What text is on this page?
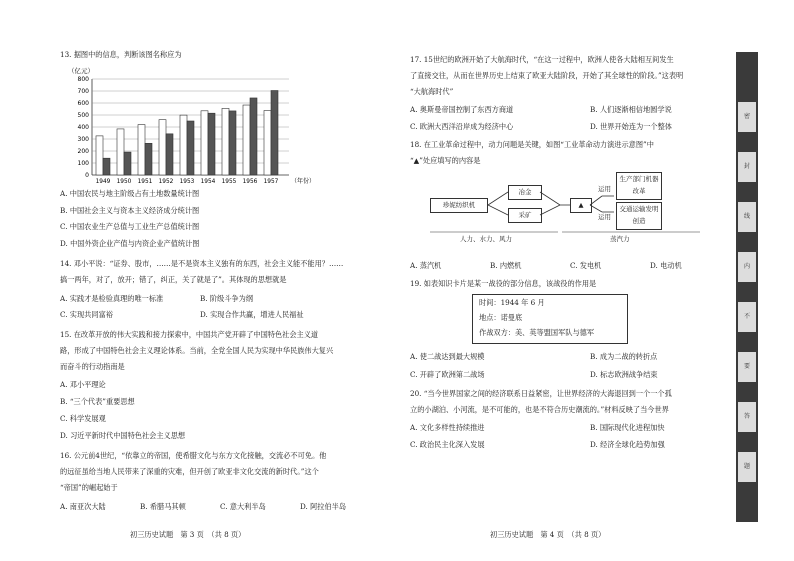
13. 据图中的信息，判断该图名称应为
（亿元）
800
700
600
500
400
300
200
100
0
1949 1950 1951 1952 1953 1954 1955 1956 1957 （年份）
A. 中国农民与地主阶级占有土地数量统计图
B. 中国社会主义与资本主义经济成分统计图
C. 中国农业生产总值与工业生产总值统计图
D. 中国外资企业产值与内资企业产值统计图
14. 邓小平说：“证券、股市，……是不是资本主义独有的东西，社会主义能不能用？……
搞一两年，对了，放开；错了，纠正，关了就是了”。其体现的思想就是
A. 实践才是检验真理的唯一标准	B. 阶级斗争为纲
C. 实现共同富裕	D. 实现合作共赢，增进人民福祉
15. 在改革开放的伟大实践和接力探索中，中国共产党开辟了中国特色社会主义道
路，形成了中国特色社会主义理论体系。当前，全党全国人民为实现中华民族伟大复兴
而奋斗的行动指南是
A. 邓小平理论
B. “三个代表”重要思想
C. 科学发展观
D. 习近平新时代中国特色社会主义思想
16. 公元前4世纪，“依靠立的帝国，使希腊文化与东方文化接触，交流必不可免。他
的远征虽给当地人民带来了深重的灾难，但开创了欧亚非文化交流的新时代。”这个
“帝国”的崛起始于
A. 南亚次大陆	B. 希腊马其顿	C. 意大利半岛	D. 阿拉伯半岛
初三历史试题　第 3 页　（共 8 页）
17. 15世纪的欧洲开始了大航海时代，“在这一过程中，欧洲人使各大陆相互间发生
了直接交往，从而在世界历史上结束了欧亚大陆阶段，开始了其全球性的阶段。”这表明
“大航海时代”
A. 奥斯曼帝国控制了东西方商道	B. 人们逐渐相信地圆学说
C. 欧洲大西洋沿岸成为经济中心	D. 世界开始连为一个整体
18. 在工业革命过程中，动力问题是关键，如图“工业革命动力演进示意图”中
“▲”处应填写的内容是
珍妮纺织机
冶金
采矿
▲
运用
运用
生产部门机器改革
交通运输发明创造
人力、水力、风力	蒸汽力
A. 蒸汽机	B. 内燃机	C. 发电机	D. 电动机
19. 如表知识卡片是某一战役的部分信息，该战役的作用是
时间：1944 年 6 月
地点：诺曼底
作战双方：美、英等盟国军队与德军
A. 使二战达到最大规模	B. 成为二战的转折点
C. 开辟了欧洲第二战场	D. 标志欧洲战争结束
20. “当今世界国家之间的经济联系日益紧密，让世界经济的大海退回到一个一个孤
立的小湖泊、小河流，是不可能的，也是不符合历史潮流的。”材料反映了当今世界
A. 文化多样性持续推进	B. 国际现代化进程加快
C. 政治民主化深入发展	D. 经济全球化趋势加强
初三历史试题　第 4 页　（共 8 页）
密
封
线
内
不
要
答
题
